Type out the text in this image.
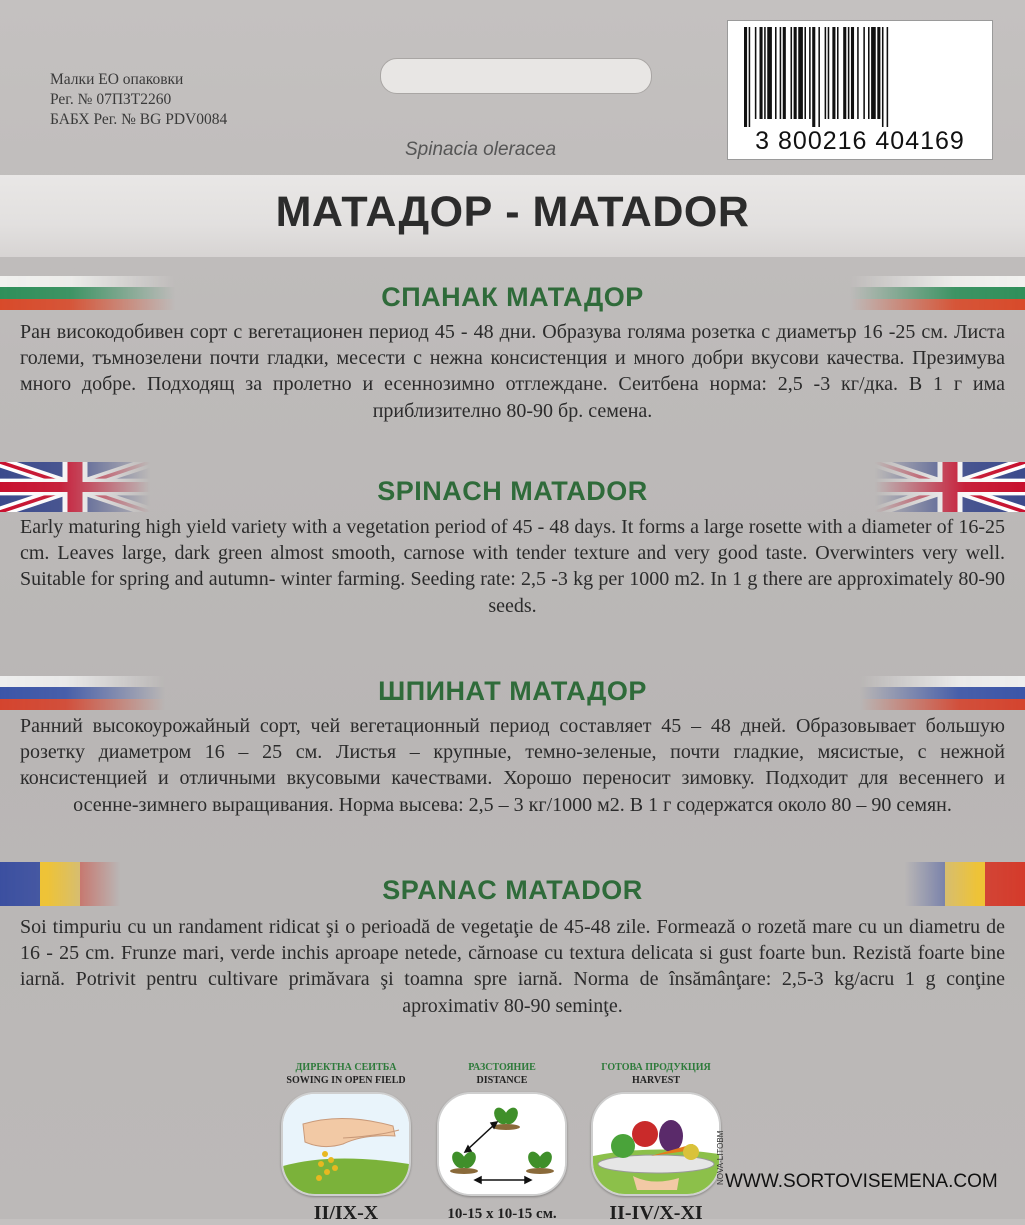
Малки ЕО опаковки
Рег. № 07ПЗТ2260
БАБХ Рег. № BG PDV0084
3 800216 404169
Spinacia oleracea
МАТАДОР - MATADOR
СПАНАК МАТАДОР
Ран високодобивен сорт с вегетационен период 45 - 48 дни. Образува голяма розетка с диаметър 16 -25 см. Листа големи, тъмнозелени почти гладки, месести с нежна консистенция и много добри вкусови качества. Презимува много добре. Подходящ за пролетно и есеннозимно отглеждане. Сеитбена норма: 2,5 -3 кг/дка. В 1 г има приблизително 80-90 бр. семена.
SPINACH MATADOR
Early maturing high yield variety with a vegetation period of 45 - 48 days. It forms a large rosette with a diameter of 16-25 cm. Leaves large, dark green almost smooth, carnose with tender texture and very good taste. Overwinters very well. Suitable for spring and autumn- winter farming. Seeding rate: 2,5 -3 kg per 1000 m2. In 1 g there are approximately 80-90 seeds.
ШПИНАТ МАТАДОР
Ранний высокоурожайный сорт, чей вегетационный период составляет 45 – 48 дней. Образовывает большую розетку диаметром 16 – 25 см. Листья – крупные, темно-зеленые, почти гладкие, мясистые, с нежной консистенцией и отличными вкусовыми качествами. Хорошо переносит зимовку. Подходит для весеннего и осенне-зимнего выращивания. Норма высева: 2,5 – 3 кг/1000 м2. В 1 г содержатся около 80 – 90 семян.
SPANAC MATADOR
Soi timpuriu cu un randament ridicat şi o perioadă de vegetaţie de 45-48 zile. Formează o rozetă mare cu un diametru de 16 - 25 cm. Frunze mari, verde inchis aproape netede, cărnoase cu textura delicata si gust foarte bun. Rezistă foarte bine iarnă. Potrivit pentru cultivare primăvara şi toamna spre iarnă. Norma de însămânţare: 2,5-3 kg/acru 1 g conţine aproximativ 80-90 seminţe.
ДИРЕКТНА СЕИТБА
SOWING IN OPEN FIELD
II/IX-X
РАЗСТОЯНИЕ
DISTANCE
10-15 x 10-15 см.
ГОТОВА ПРОДУКЦИЯ
HARVEST
II-IV/X-XI
NOVA-LITOBM WWW.SORTOVISEMENA.COM
